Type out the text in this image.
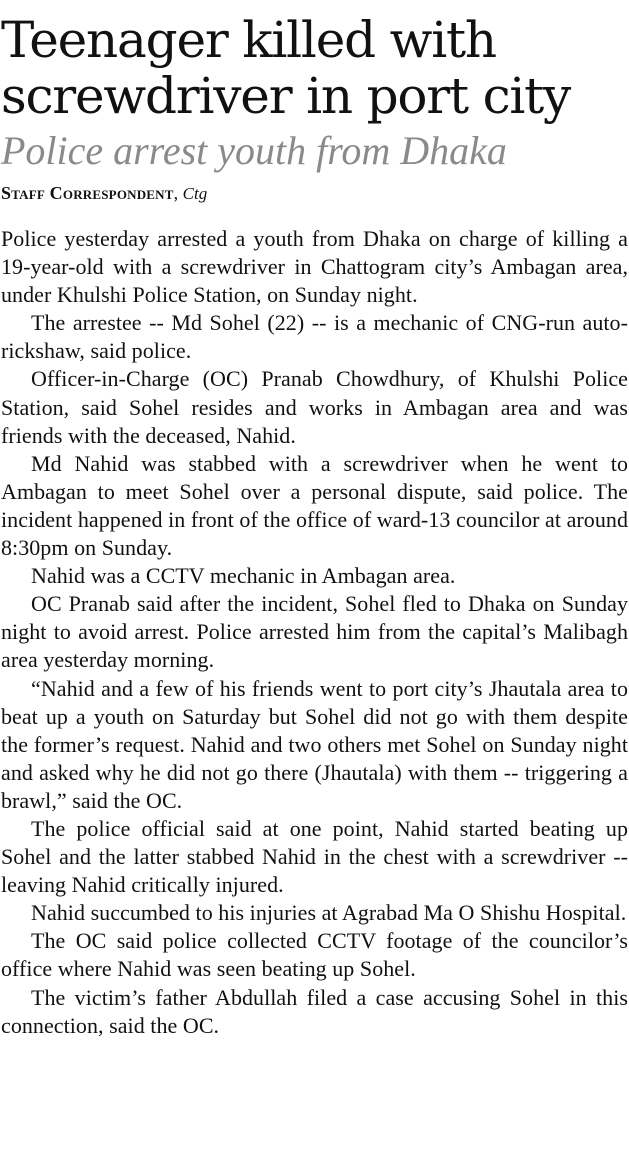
Teenager killed with
screwdriver in port city
Police arrest youth from Dhaka
Staff Correspondent, Ctg

Police yesterday arrested a youth from Dhaka on charge of killing a 19-year-old with a screwdriver in Chattogram city’s Ambagan area, under Khulshi Police Station, on Sunday night.

The arrestee -- Md Sohel (22) -- is a mechanic of CNG-run auto-rickshaw, said police.

Officer-in-Charge (OC) Pranab Chowdhury, of Khulshi Police Station, said Sohel resides and works in Ambagan area and was friends with the deceased, Nahid.

Md Nahid was stabbed with a screwdriver when he went to Ambagan to meet Sohel over a personal dispute, said police. The incident happened in front of the office of ward-13 councilor at around 8:30pm on Sunday.

Nahid was a CCTV mechanic in Ambagan area.

OC Pranab said after the incident, Sohel fled to Dhaka on Sunday night to avoid arrest. Police arrested him from the capital’s Malibagh area yesterday morning.

“Nahid and a few of his friends went to port city’s Jhautala area to beat up a youth on Saturday but Sohel did not go with them despite the former’s request. Nahid and two others met Sohel on Sunday night and asked why he did not go there (Jhautala) with them -- triggering a brawl,” said the OC.

The police official said at one point, Nahid started beating up Sohel and the latter stabbed Nahid in the chest with a screwdriver -- leaving Nahid critically injured.

Nahid succumbed to his injuries at Agrabad Ma O Shishu Hospital.

The OC said police collected CCTV footage of the councilor’s office where Nahid was seen beating up Sohel.

The victim’s father Abdullah filed a case accusing Sohel in this connection, said the OC.
